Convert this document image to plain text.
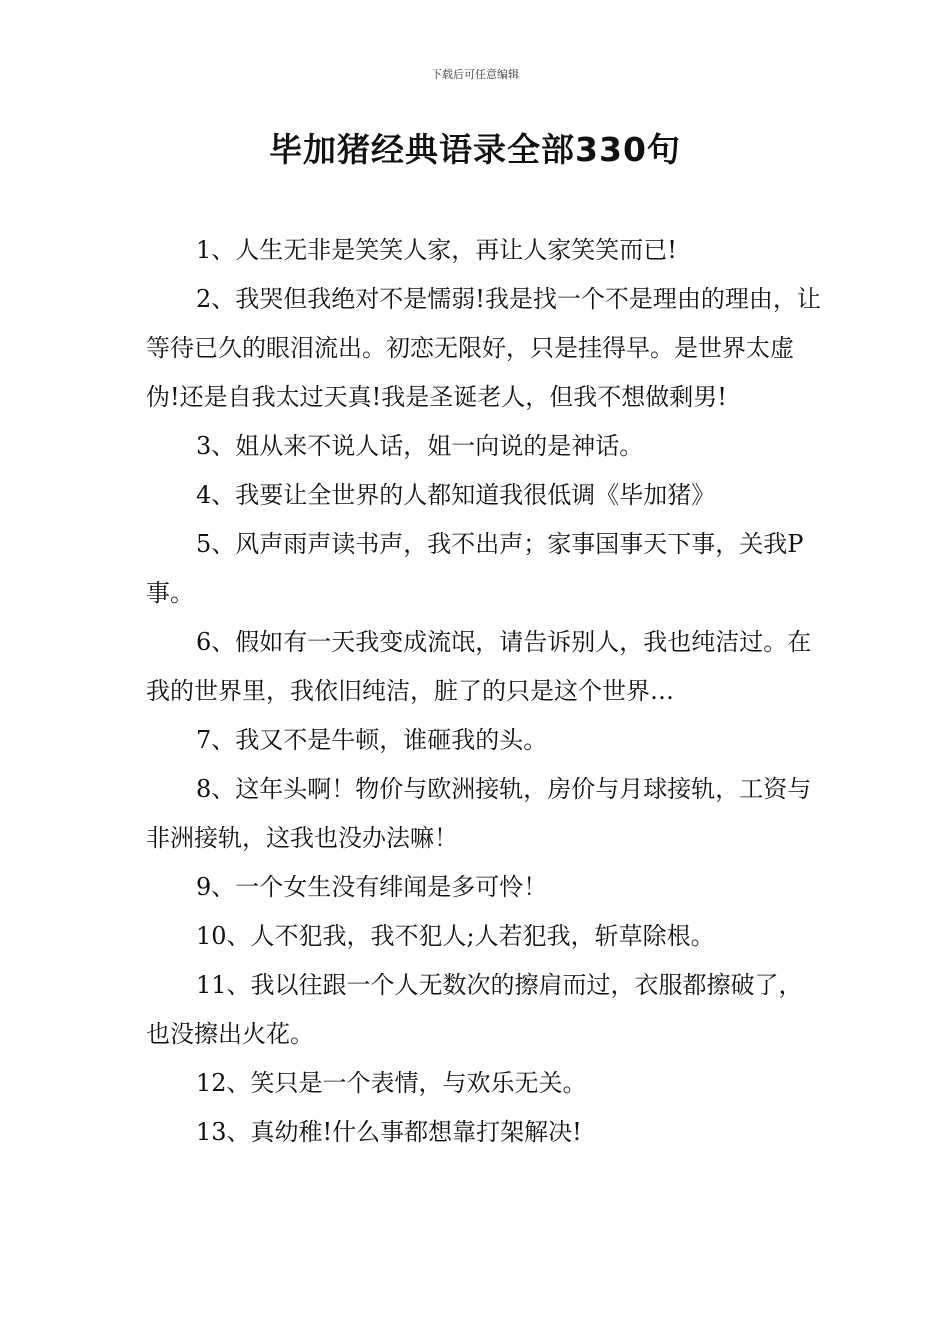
下载后可任意编辑
毕加猪经典语录全部330句

1、人生无非是笑笑人家，再让人家笑笑而已!

2、我哭但我绝对不是懦弱!我是找一个不是理由的理由，让等待已久的眼泪流出。初恋无限好，只是挂得早。是世界太虚伪!还是自我太过天真!我是圣诞老人，但我不想做剩男!

3、姐从来不说人话，姐一向说的是神话。

4、我要让全世界的人都知道我很低调《毕加猪》

5、风声雨声读书声，我不出声；家事国事天下事，关我P事。

6、假如有一天我变成流氓，请告诉别人，我也纯洁过。在我的世界里，我依旧纯洁，脏了的只是这个世界…

7、我又不是牛顿，谁砸我的头。

8、这年头啊！物价与欧洲接轨，房价与月球接轨，工资与非洲接轨，这我也没办法嘛！

9、一个女生没有绯闻是多可怜！

10、人不犯我，我不犯人;人若犯我，斩草除根。

11、我以往跟一个人无数次的擦肩而过，衣服都擦破了，也没擦出火花。

12、笑只是一个表情，与欢乐无关。

13、真幼稚!什么事都想靠打架解决!
